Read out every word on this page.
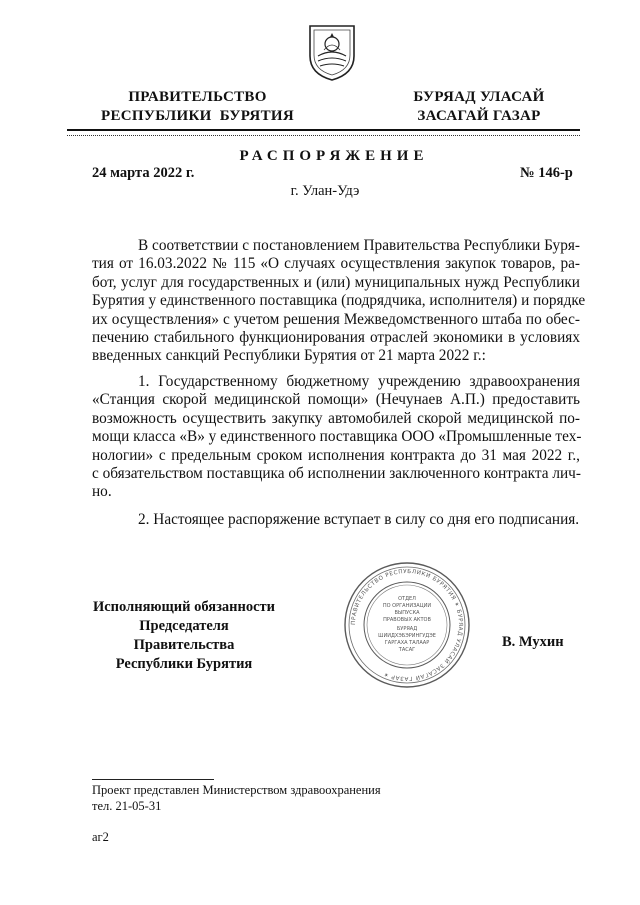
ПРАВИТЕЛЬСТВО
РЕСПУБЛИКИ  БУРЯТИЯ
БУРЯАД УЛАСАЙ
ЗАСАГАЙ ГАЗАР
РАСПОРЯЖЕНИЕ
24 марта 2022 г.	№ 146-р
г. Улан-Удэ
В соответствии с постановлением Правительства Республики Буря-
тия от 16.03.2022 № 115 «О случаях осуществления закупок товаров, ра-
бот, услуг для государственных и (или) муниципальных нужд Республики
Бурятия у единственного поставщика (подрядчика, исполнителя) и порядке
их осуществления» с учетом решения Межведомственного штаба по обес-
печению стабильного функционирования отраслей экономики в условиях
введенных санкций Республики Бурятия от 21 марта 2022 г.:
1. Государственному бюджетному учреждению здравоохранения
«Станция скорой медицинской помощи» (Нечунаев А.П.) предоставить
возможность осуществить закупку автомобилей скорой медицинской по-
мощи класса «В» у единственного поставщика ООО «Промышленные тех-
нологии» с предельным сроком исполнения контракта до 31 мая 2022 г.,
с обязательством поставщика об исполнении заключенного контракта лич-
но.
2. Настоящее распоряжение вступает в силу со дня его подписания.
Исполняющий обязанности
Председателя Правительства
Республики Бурятия
В. Мухин
ПРАВИТЕЛЬСТВО РЕСПУБЛИКИ БУРЯТИЯ ✶ БУРЯАД УЛАСАЙ ЗАСАГАЙ ГАЗАР ✶
ОТДЕЛ
ПО ОРГАНИЗАЦИИ
ВЫПУСКА
ПРАВОВЫХ АКТОВ
БУРЯАД
ШИИДХЭБЭРИНГУДЭЕ
ГАРГАХА ТАЛААР
ТАСАГ
Проект представлен Министерством здравоохранения
тел. 21-05-31
аг2
